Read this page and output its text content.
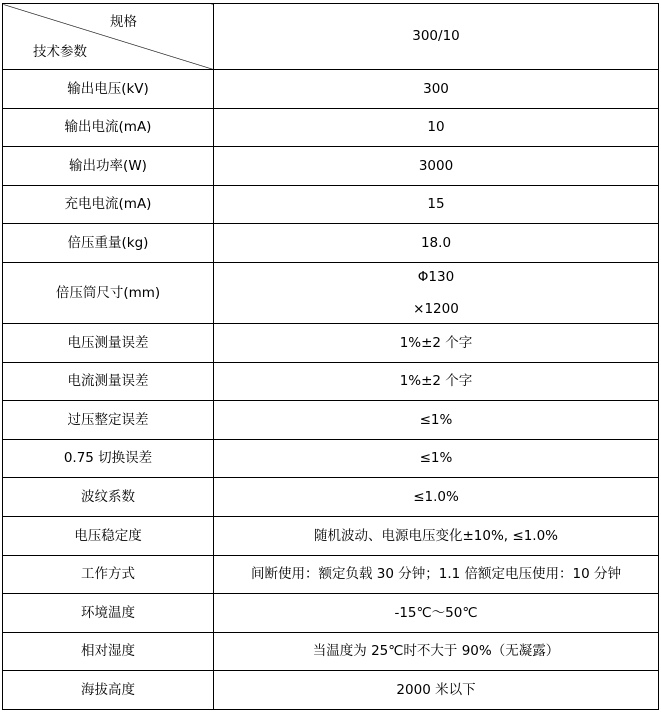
规格
技术参数	300/10
输出电压(kV)	300
输出电流(mA)	10
输出功率(W)	3000
充电电流(mA)	15
倍压重量(kg)	18.0
倍压筒尺寸(mm)	Φ130
×1200

电压测量误差	1%±2 个字
电流测量误差	1%±2 个字
过压整定误差	≤1%
0.75 切换误差	≤1%
波纹系数	≤1.0%
电压稳定度	随机波动、电源电压变化±10%, ≤1.0%
工作方式	间断使用：额定负载 30 分钟；1.1 倍额定电压使用：10 分钟
环境温度	-15℃～50℃
相对湿度	当温度为 25℃时不大于 90%（无凝露）
海拔高度	2000 米以下
